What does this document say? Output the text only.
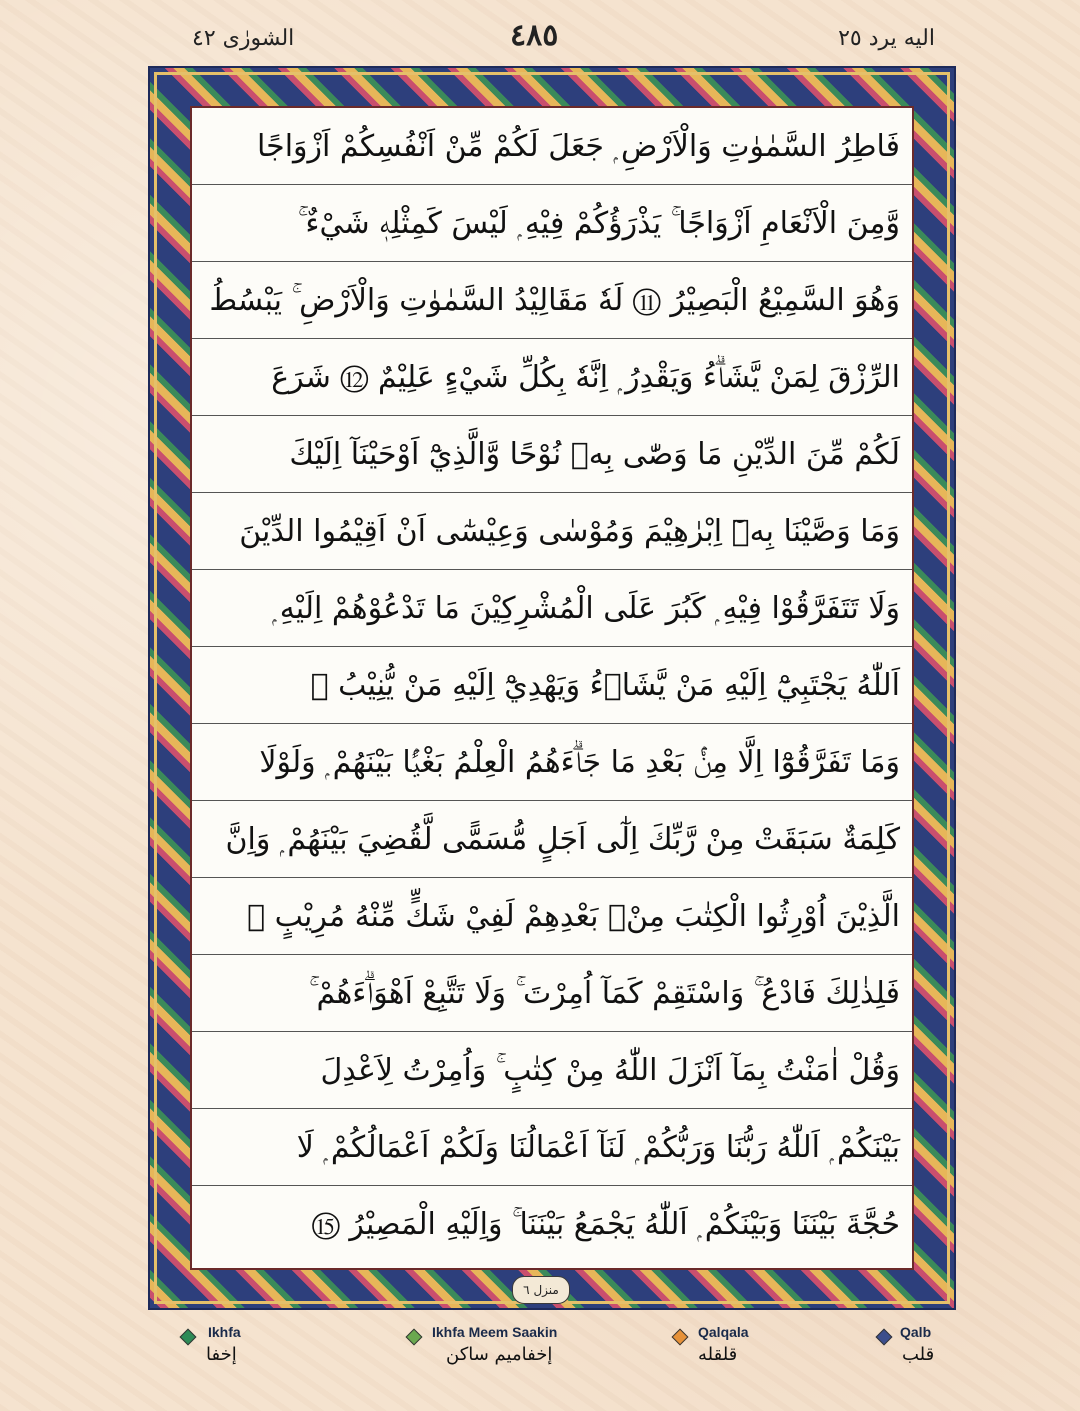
اليه يرد ٢٥
٤٨٥
الشورٰى ٤٢
فَاطِرُ السَّمٰوٰتِ وَالْاَرْضِ ۭ جَعَلَ لَكُمْ مِّنْ اَنْفُسِكُمْ اَزْوَاجًا
وَّمِنَ الْاَنْعَامِ اَزْوَاجًا ۚ يَذْرَؤُكُمْ فِيْهِ ۭ لَيْسَ كَمِثْلِهٖ شَيْءٌ ۚ
وَهُوَ السَّمِيْعُ الْبَصِيْرُ ⑪ لَهٗ مَقَالِيْدُ السَّمٰوٰتِ وَالْاَرْضِ ۚ يَبْسُطُ
الرِّزْقَ لِمَنْ يَّشَاۗءُ وَيَقْدِرُ ۭ اِنَّهٗ بِكُلِّ شَيْءٍ عَلِيْمٌ ⑫ شَرَعَ
لَكُمْ مِّنَ الدِّيْنِ مَا وَصّٰى بِهٖ نُوْحًا وَّالَّذِيْٓ اَوْحَيْنَآ اِلَيْكَ
وَمَا وَصَّيْنَا بِهٖٓ اِبْرٰهِيْمَ وَمُوْسٰى وَعِيْسٰٓى اَنْ اَقِيْمُوا الدِّيْنَ
وَلَا تَتَفَرَّقُوْا فِيْهِ ۭ كَبُرَ عَلَى الْمُشْرِكِيْنَ مَا تَدْعُوْهُمْ اِلَيْهِ ۭ
اَللّٰهُ يَجْتَبِيْٓ اِلَيْهِ مَنْ يَّشَاۗءُ وَيَهْدِيْٓ اِلَيْهِ مَنْ يُّنِيْبُ ⑬
وَمَا تَفَرَّقُوْٓا اِلَّا مِنْۢ بَعْدِ مَا جَاۗءَهُمُ الْعِلْمُ بَغْيًۢا بَيْنَهُمْ ۭ وَلَوْلَا
كَلِمَةٌ سَبَقَتْ مِنْ رَّبِّكَ اِلٰٓى اَجَلٍ مُّسَمًّى لَّقُضِيَ بَيْنَهُمْ ۭ وَاِنَّ
الَّذِيْنَ اُوْرِثُوا الْكِتٰبَ مِنْۢ بَعْدِهِمْ لَفِيْ شَكٍّ مِّنْهُ مُرِيْبٍ ⑭
فَلِذٰلِكَ فَادْعُ ۚ وَاسْتَقِمْ كَمَآ اُمِرْتَ ۚ وَلَا تَتَّبِعْ اَهْوَاۗءَهُمْ ۚ
وَقُلْ اٰمَنْتُ بِمَآ اَنْزَلَ اللّٰهُ مِنْ كِتٰبٍ ۚ وَاُمِرْتُ لِاَعْدِلَ
بَيْنَكُمْ ۭ اَللّٰهُ رَبُّنَا وَرَبُّكُمْ ۭ لَنَآ اَعْمَالُنَا وَلَكُمْ اَعْمَالُكُمْ ۭ لَا
حُجَّةَ بَيْنَنَا وَبَيْنَكُمْ ۭ اَللّٰهُ يَجْمَعُ بَيْنَنَا ۚ وَاِلَيْهِ الْمَصِيْرُ ⑮
منزل ٦
Ikhfa
إخفا
Ikhfa Meem Saakin
إخفامیم ساکن
Qalqala
قلقله
Qalb
قلب
